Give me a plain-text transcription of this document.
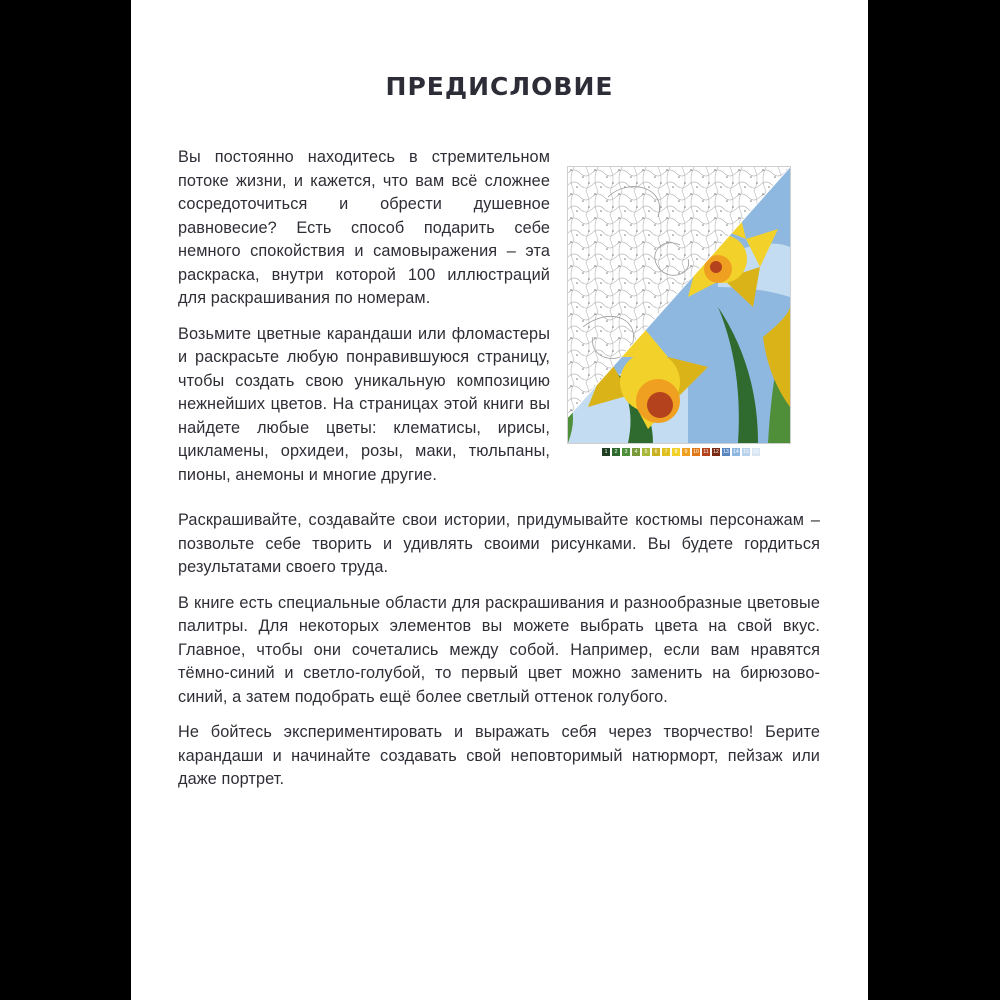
ПРЕДИСЛОВИЕ

Вы постоянно находитесь в стремительном потоке жизни, и кажется, что вам всё сложнее сосредоточиться и обрести душевное равновесие? Есть способ подарить себе немного спокойствия и самовыражения – эта раскраска, внутри которой 100 иллюстраций для раскрашивания по номерам.

Возьмите цветные карандаши или фломастеры и раскрасьте любую понравившуюся страницу, чтобы создать свою уникальную композицию нежнейших цветов. На страницах этой книги вы найдете любые цветы: клематисы, ирисы, цикламены, орхидеи, розы, маки, тюльпаны, пионы, анемоны и многие другие.

1	2	3	4	5	6	7	8	9	10 11 12 13 14 15 16

Раскрашивайте, создавайте свои истории, придумывайте костюмы персонажам – позвольте себе творить и удивлять своими рисунками. Вы будете гордиться результатами своего труда.

В книге есть специальные области для раскрашивания и разнообразные цветовые палитры. Для некоторых элементов вы можете выбрать цвета на свой вкус. Главное, чтобы они сочетались между собой. Например, если вам нравятся тёмно-синий и светло-голубой, то первый цвет можно заменить на бирюзово-синий, а затем подобрать ещё более светлый оттенок голубого.

Не бойтесь экспериментировать и выражать себя через творчество! Берите карандаши и начинайте создавать свой неповторимый натюрморт, пейзаж или даже портрет.
